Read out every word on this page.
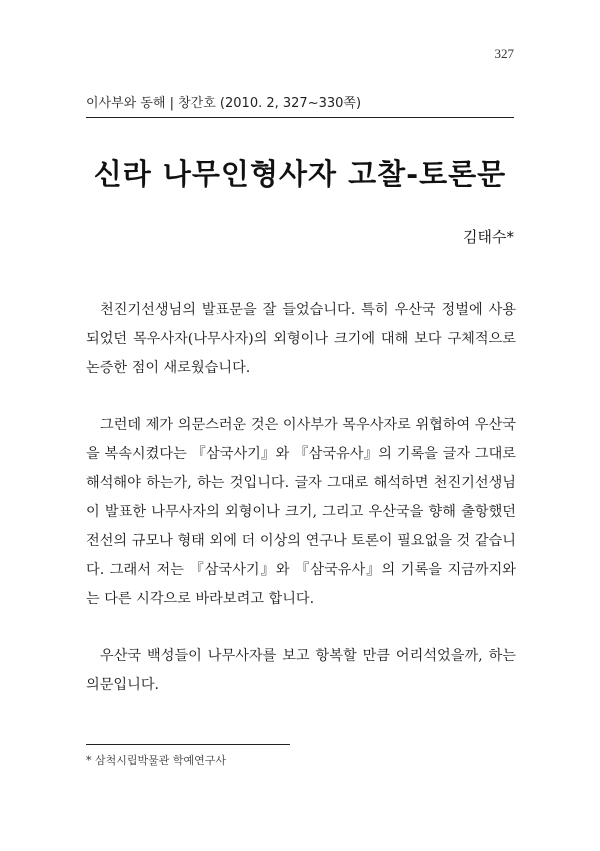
327
이사부와 동해 | 창간호 (2010. 2, 327~330쪽)
신라 나무인형사자 고찰-토론문
김태수*

천진기선생님의 발표문을 잘 들었습니다. 특히 우산국 정벌에 사용되었던 목우사자(나무사자)의 외형이나 크기에 대해 보다 구체적으로 논증한 점이 새로웠습니다.

그런데 제가 의문스러운 것은 이사부가 목우사자로 위협하여 우산국을 복속시켰다는 『삼국사기』와 『삼국유사』의 기록을 글자 그대로 해석해야 하는가, 하는 것입니다. 글자 그대로 해석하면 천진기선생님이 발표한 나무사자의 외형이나 크기, 그리고 우산국을 향해 출항했던 전선의 규모나 형태 외에 더 이상의 연구나 토론이 필요없을 것 같습니다. 그래서 저는 『삼국사기』와 『삼국유사』의 기록을 지금까지와는 다른 시각으로 바라보려고 합니다.

우산국 백성들이 나무사자를 보고 항복할 만큼 어리석었을까, 하는 의문입니다.

* 삼척시립박물관 학예연구사
